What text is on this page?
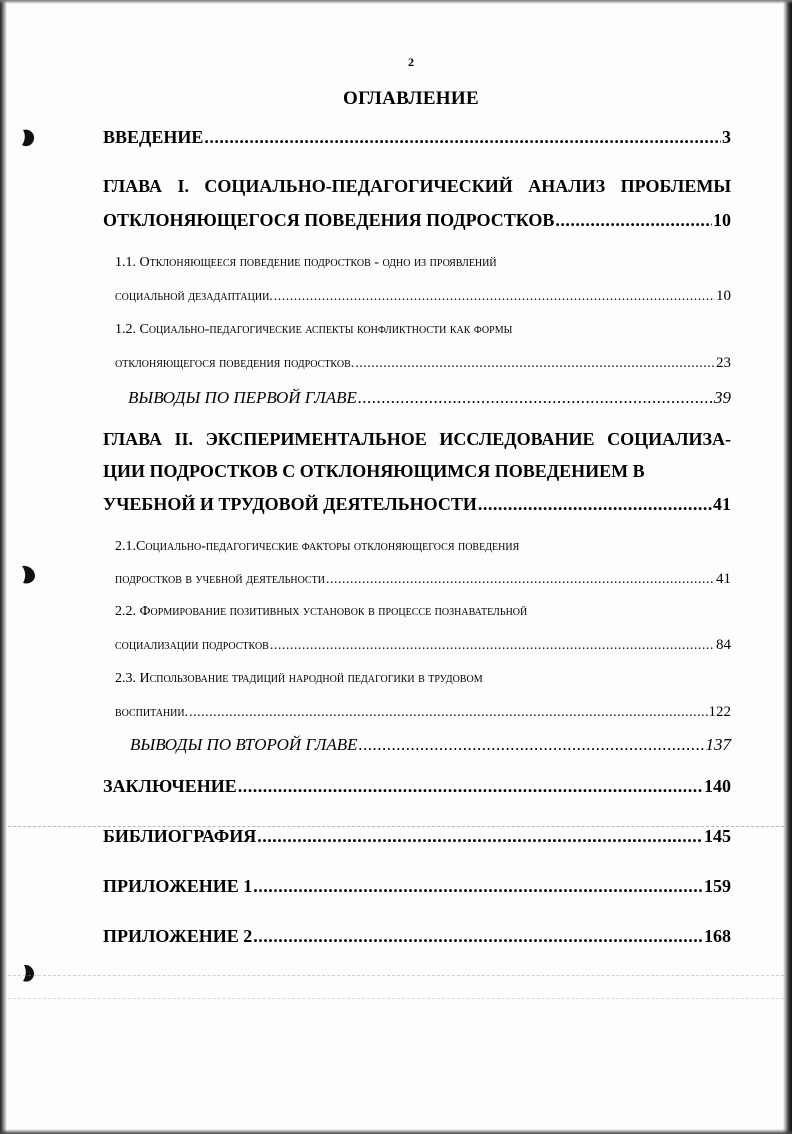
2
ОГЛАВЛЕНИЕ
ВВЕДЕНИЕ .....	3
ГЛАВА I. СОЦИАЛЬНО-ПЕДАГОГИЧЕСКИЙ АНАЛИЗ ПРОБЛЕМЫ
ОТКЛОНЯЮЩЕГОСЯ ПОВЕДЕНИЯ ПОДРОСТКОВ .....	10
1.1. Отклоняющееся поведение подростков - одно из проявлений
социальной дезадаптации. .....	10
1.2. Социально-педагогические аспекты конфликтности как формы
отклоняющегося поведения подростков. .....	23
ВЫВОДЫ ПО ПЕРВОЙ ГЛАВЕ .....	39
ГЛАВА II. ЭКСПЕРИМЕНТАЛЬНОЕ ИССЛЕДОВАНИЕ СОЦИАЛИЗА-
ЦИИ ПОДРОСТКОВ С ОТКЛОНЯЮЩИМСЯ ПОВЕДЕНИЕМ В
УЧЕБНОЙ И ТРУДОВОЙ ДЕЯТЕЛЬНОСТИ .....	41
2.1.Социально-педагогические факторы отклоняющегося поведения
подростков в учебной деятельности .....	41
2.2. Формирование позитивных установок в процессе познавательной
социализации подростков .....	84
2.3. Использование традиций народной педагогики в трудовом
воспитании. .....	122
ВЫВОДЫ ПО ВТОРОЙ ГЛАВЕ .....	137
ЗАКЛЮЧЕНИЕ .....	140
БИБЛИОГРАФИЯ .....	145
ПРИЛОЖЕНИЕ 1 .....	159
ПРИЛОЖЕНИЕ 2 .....	168
